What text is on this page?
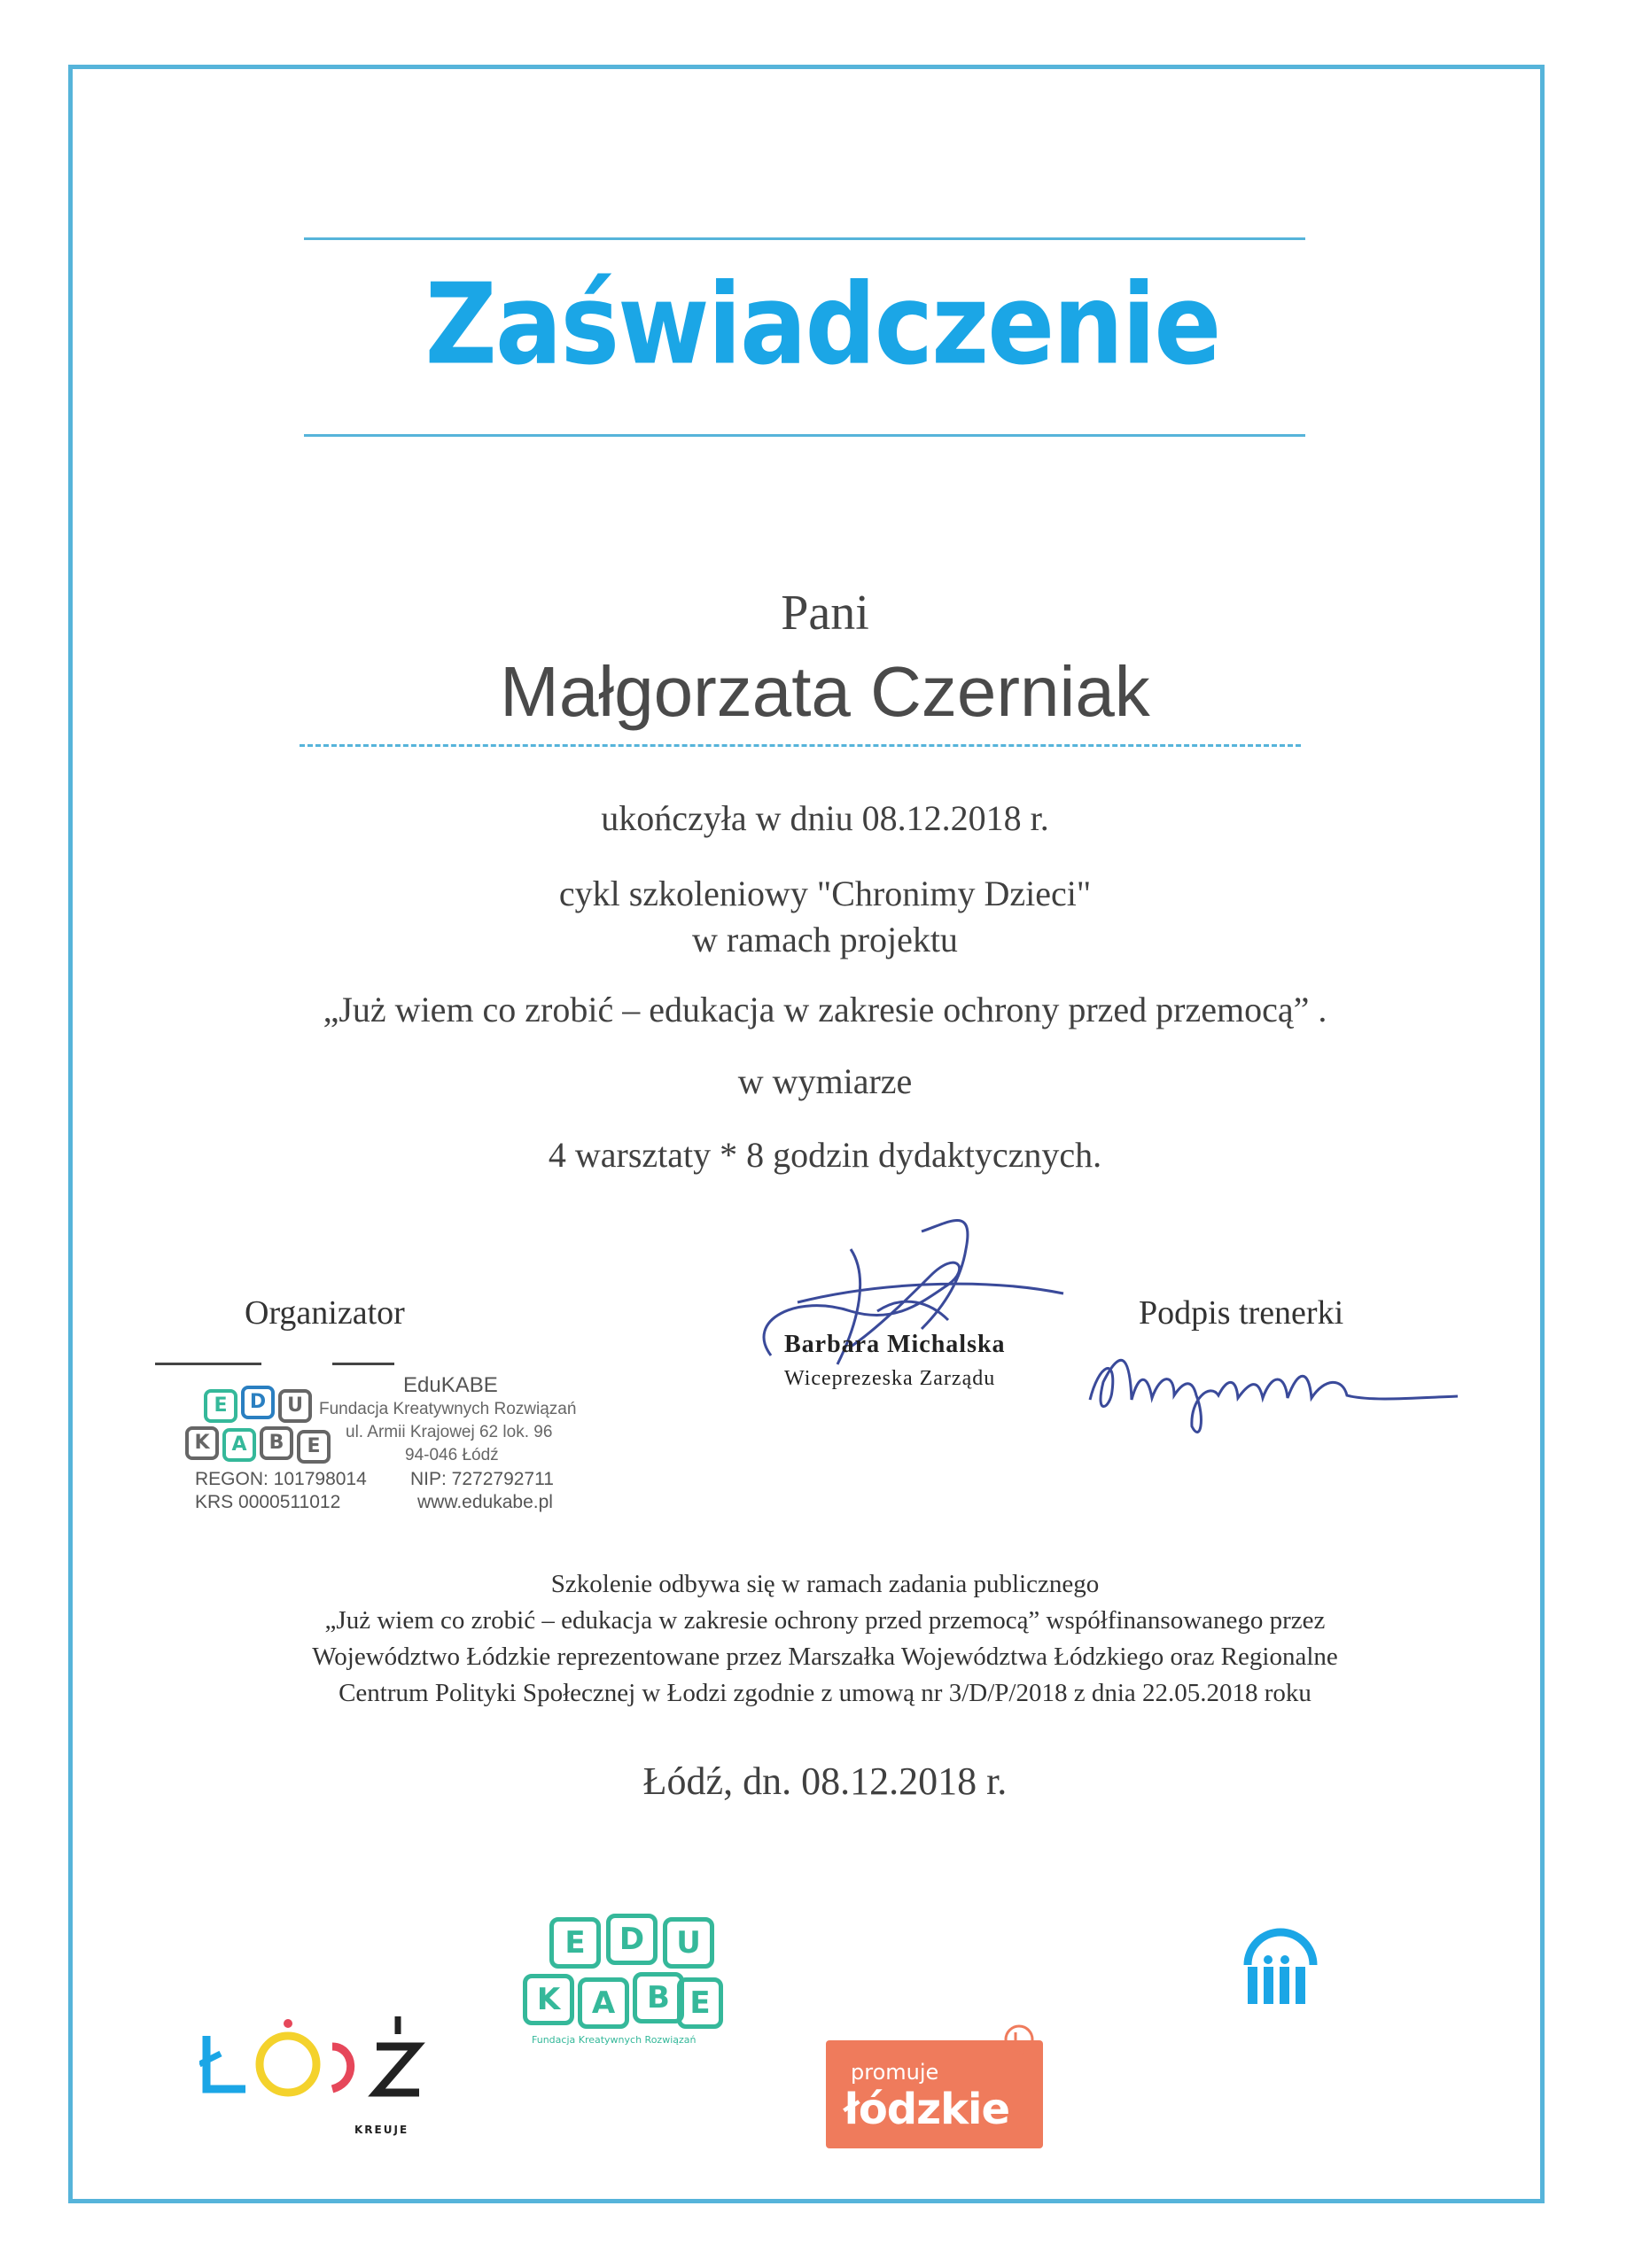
Zaświadczenie
Pani
Małgorzata Czerniak
ukończyła w dniu 08.12.2018 r.
cykl szkoleniowy "Chronimy Dzieci"
w ramach projektu
„Już wiem co zrobić – edukacja w zakresie ochrony przed przemocą” .
w wymiarze
4 warsztaty * 8 godzin dydaktycznych.
Organizator	Podpis trenerki
Barbara Michalska
Wiceprezeska Zarządu
E	D	U
K	A	B	E
EduKABE
Fundacja Kreatywnych Rozwiązań
ul. Armii Krajowej 62 lok. 96
94-046 Łódź
REGON: 101798014 NIP: 7272792711
KRS 0000511012	www.edukabe.pl
Szkolenie odbywa się w ramach zadania publicznego
„Już wiem co zrobić – edukacja w zakresie ochrony przed przemocą” współfinansowanego przez
Województwo Łódzkie reprezentowane przez Marszałka Województwa Łódzkiego oraz Regionalne
Centrum Polityki Społecznej w Łodzi zgodnie z umową nr 3/D/P/2018 z dnia 22.05.2018 roku
Łódź, dn. 08.12.2018 r.
KREUJE
E	D	U
K	A	B E
Fundacja Kreatywnych Rozwiązań
promuje
łódzkie
